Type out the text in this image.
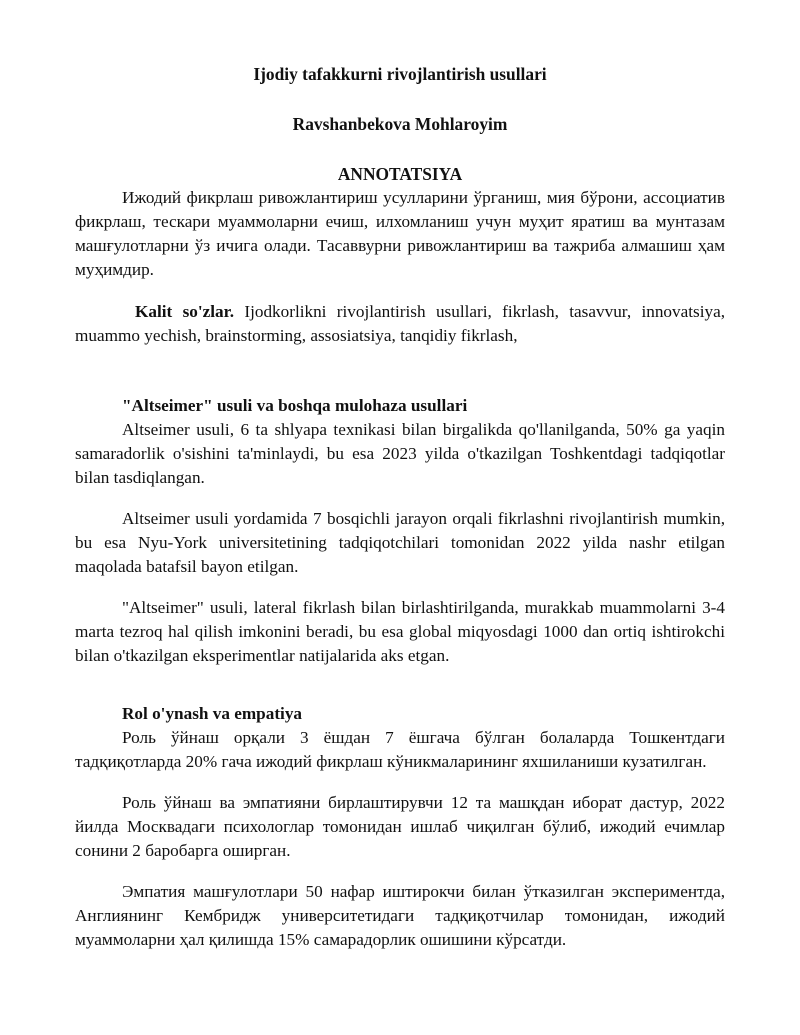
Ijodiy tafakkurni rivojlantirish usullari
Ravshanbekova Mohlaroyim
ANNOTATSIYA

Ижодий фикрлаш ривожлантириш усулларини ўрганиш, мия бўрони, ассоциатив фикрлаш, тескари муаммоларни ечиш, илхомланиш учун муҳит яратиш ва мунтазам машғулотларни ўз ичига олади. Тасаввурни ривожлантириш ва тажриба алмашиш ҳам муҳимдир.

Kalit so'zlar. Ijodkorlikni rivojlantirish usullari, fikrlash, tasavvur, innovatsiya, muammo yechish, brainstorming, assosiatsiya, tanqidiy fikrlash,

"Altseimer" usuli va boshqa mulohaza usullari

Altseimer usuli, 6 ta shlyapa texnikasi bilan birgalikda qo'llanilganda, 50% ga yaqin samaradorlik o'sishini ta'minlaydi, bu esa 2023 yilda o'tkazilgan Toshkentdagi tadqiqotlar bilan tasdiqlangan.

Altseimer usuli yordamida 7 bosqichli jarayon orqali fikrlashni rivojlantirish mumkin, bu esa Nyu-York universitetining tadqiqotchilari tomonidan 2022 yilda nashr etilgan maqolada batafsil bayon etilgan.

"Altseimer" usuli, lateral fikrlash bilan birlashtirilganda, murakkab muammolarni 3-4 marta tezroq hal qilish imkonini beradi, bu esa global miqyosdagi 1000 dan ortiq ishtirokchi bilan o'tkazilgan eksperimentlar natijalarida aks etgan.

Rol o'ynash va empatiya

Роль ўйнаш орқали 3 ёшдан 7 ёшгача бўлган болаларда Тошкентдаги тадқиқотларда 20% гача ижодий фикрлаш кўникмаларининг яхшиланиши кузатилган.

Роль ўйнаш ва эмпатияни бирлаштирувчи 12 та машқдан иборат дастур, 2022 йилда Москвадаги психологлар томонидан ишлаб чиқилган бўлиб, ижодий ечимлар сонини 2 баробарга оширган.

Эмпатия машғулотлари 50 нафар иштирокчи билан ўтказилган экспериментда, Англиянинг Кембридж университетидаги тадқиқотчилар томонидан, ижодий муаммоларни ҳал қилишда 15% самарадорлик ошишини кўрсатди.
